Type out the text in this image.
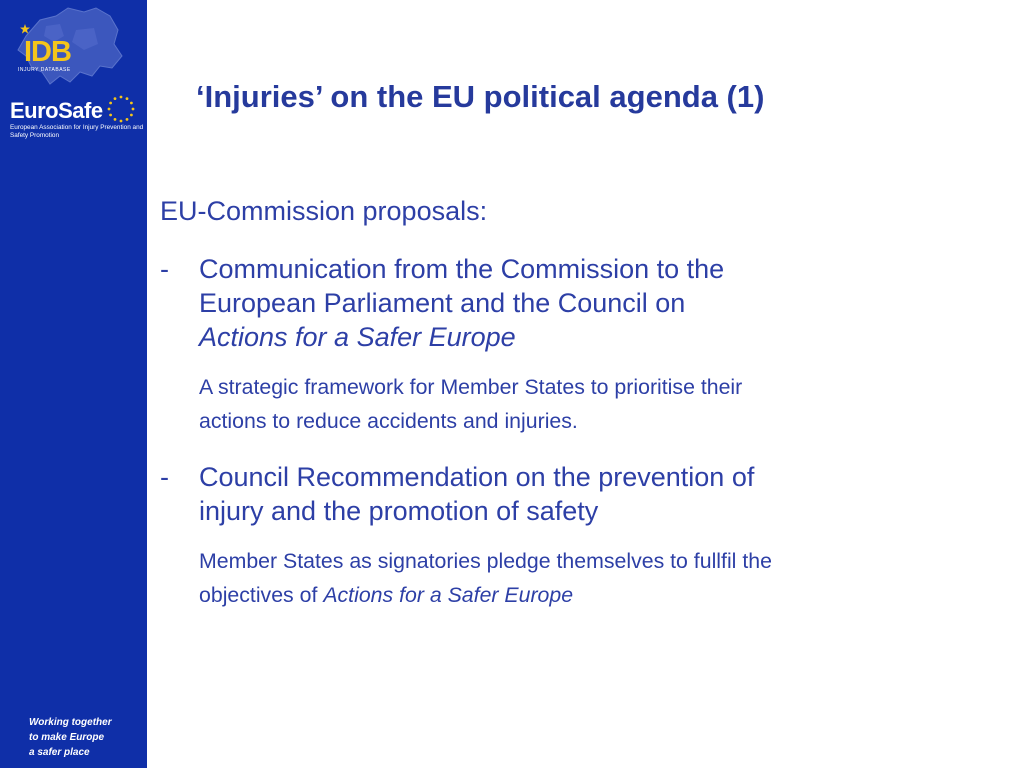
IDB
INJURY DATABASE
EuroSafe
European Association for Injury Prevention and Safety Promotion
Working together
to make Europe
a safer place
‘Injuries’ on the EU political agenda (1)
EU-Commission proposals:
- Communication from the Commission to the
European Parliament and the Council on
Actions for a Safer Europe
A strategic framework for Member States to prioritise their
actions to reduce accidents and injuries.
- Council Recommendation on the prevention of
injury and the promotion of safety
Member States as signatories pledge themselves to fullfil the
objectives of Actions for a Safer Europe
